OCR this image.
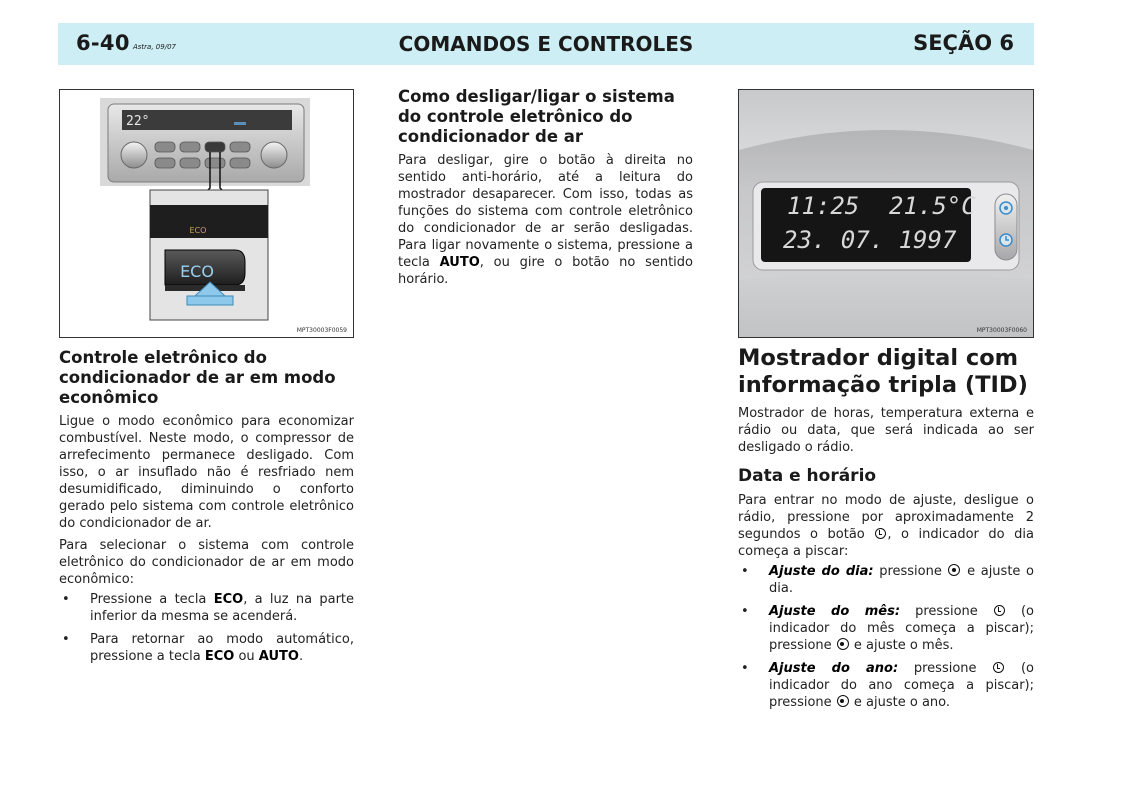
6-40 Astra, 09/07	COMANDOS E CONTROLES	SEÇÃO 6
22°
ECO
ECO
MPT30003F0059
Controle eletrônico do condicionador de ar em modo econômico

Ligue o modo econômico para economizar combustível. Neste modo, o compressor de arrefecimento permanece desligado. Com isso, o ar insuflado não é resfriado nem desumidificado, diminuindo o conforto gerado pelo sistema com controle eletrônico do condicionador de ar.

Para selecionar o sistema com controle eletrônico do condicionador de ar em modo econômico:

• Pressione a tecla ECO, a luz na parte inferior da mesma se acenderá.
• Para retornar ao modo automático, pressione a tecla ECO ou AUTO.
Como desligar/ligar o sistema do controle eletrônico do condicionador de ar

Para desligar, gire o botão à direita no sentido anti-horário, até a leitura do mostrador desaparecer. Com isso, todas as funções do sistema com controle eletrônico do condicionador de ar serão desligadas. Para ligar novamente o sistema, pressione a tecla AUTO, ou gire o botão no sentido horário.

11:25 21.5°C
23. 07. 1997
MPT30003F0060
Mostrador digital com informação tripla (TID)

Mostrador de horas, temperatura externa e rádio ou data, que será indicada ao ser desligado o rádio.

Data e horário

Para entrar no modo de ajuste, desligue o rádio, pressione por aproximadamente 2 segundos o botão , o indicador do dia começa a piscar:

• Ajuste do dia: pressione  e ajuste o dia.
• Ajuste do mês: pressione  (o indicador do mês começa a piscar); pressione  e ajuste o mês.
• Ajuste do ano: pressione  (o indicador do ano começa a piscar); pressione  e ajuste o ano.
